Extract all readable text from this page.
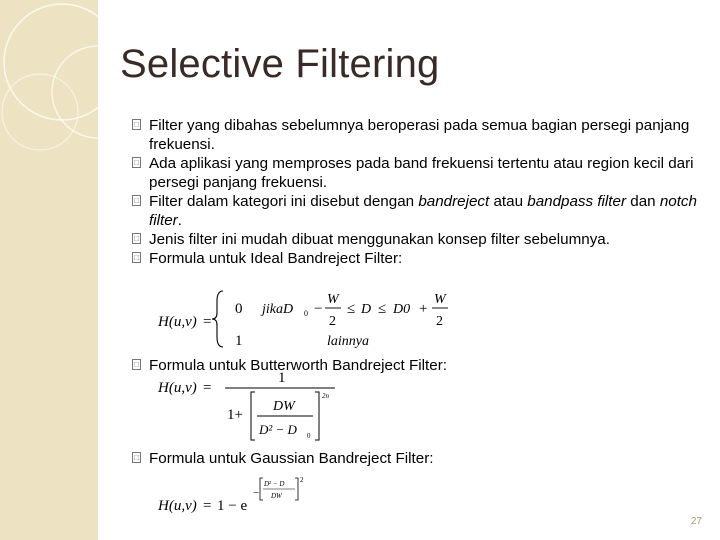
Selective Filtering
□ Filter yang dibahas sebelumnya beroperasi pada semua bagian persegi panjang frekuensi.
□ Ada aplikasi yang memproses pada band frekuensi tertentu atau region kecil dari persegi panjang frekuensi.
□ Filter dalam kategori ini disebut dengan bandreject atau bandpass filter dan notch filter.
□ Jenis filter ini mudah dibuat menggunakan konsep filter sebelumnya.
□ Formula untuk Ideal Bandreject Filter:
H(u,v) =
0 jikaD 0 −
W
2
≤ D ≤ D0 +
W
2
1	lainnya
□ Formula untuk Butterworth Bandreject Filter:
1
H(u,v) =
1+
DW
D² − D 0
2n
□ Formula untuk Gaussian Bandreject Filter:
H(u,v) = 1 − e
−
D² − D
DW
2
27
